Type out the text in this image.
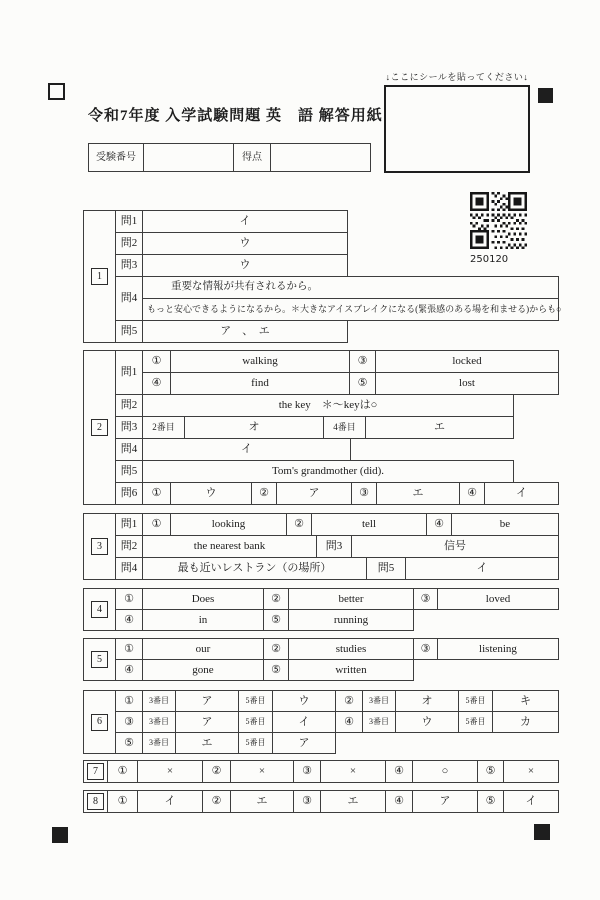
↓ここにシールを貼ってください↓
令和7年度 入学試験問題 英　語 解答用紙
受験番号	得点
250120
1
問1	イ
問2	ウ
問3	ウ
問4
重要な情報が共有されるから。
もっと安心できるようになるから。＊大きなアイスブレイクになる(緊張感のある場を和ませる)からも○
問5	ア　、　エ
2
問1
①	walking	③	locked
④	find	⑤	lost
問2	the key　＊～keyは○
問3	2番目	オ	4番目	エ
問4	イ
問5	Tom's grandmother (did).
問6	①	ウ	②	ア	③	エ	④	イ
3
問1	①	looking	②	tell	④	be
問2	the nearest bank	問3	信号
問4	最も近いレストラン（の場所）	問5	イ
4
①	Does	②	better	③	loved
④	in	⑤	running
5
①	our	②	studies	③	listening
④	gone	⑤	written
6
①	3番目	ア	5番目	ウ	②	3番目	オ	5番目	キ
③	3番目	ア	5番目	イ	④	3番目	ウ	5番目	カ
⑤	3番目	エ	5番目	ア
7	①	×	②	×	③	×	④	○	⑤	×
8	①	イ	②	エ	③	エ	④	ア	⑤	イ
